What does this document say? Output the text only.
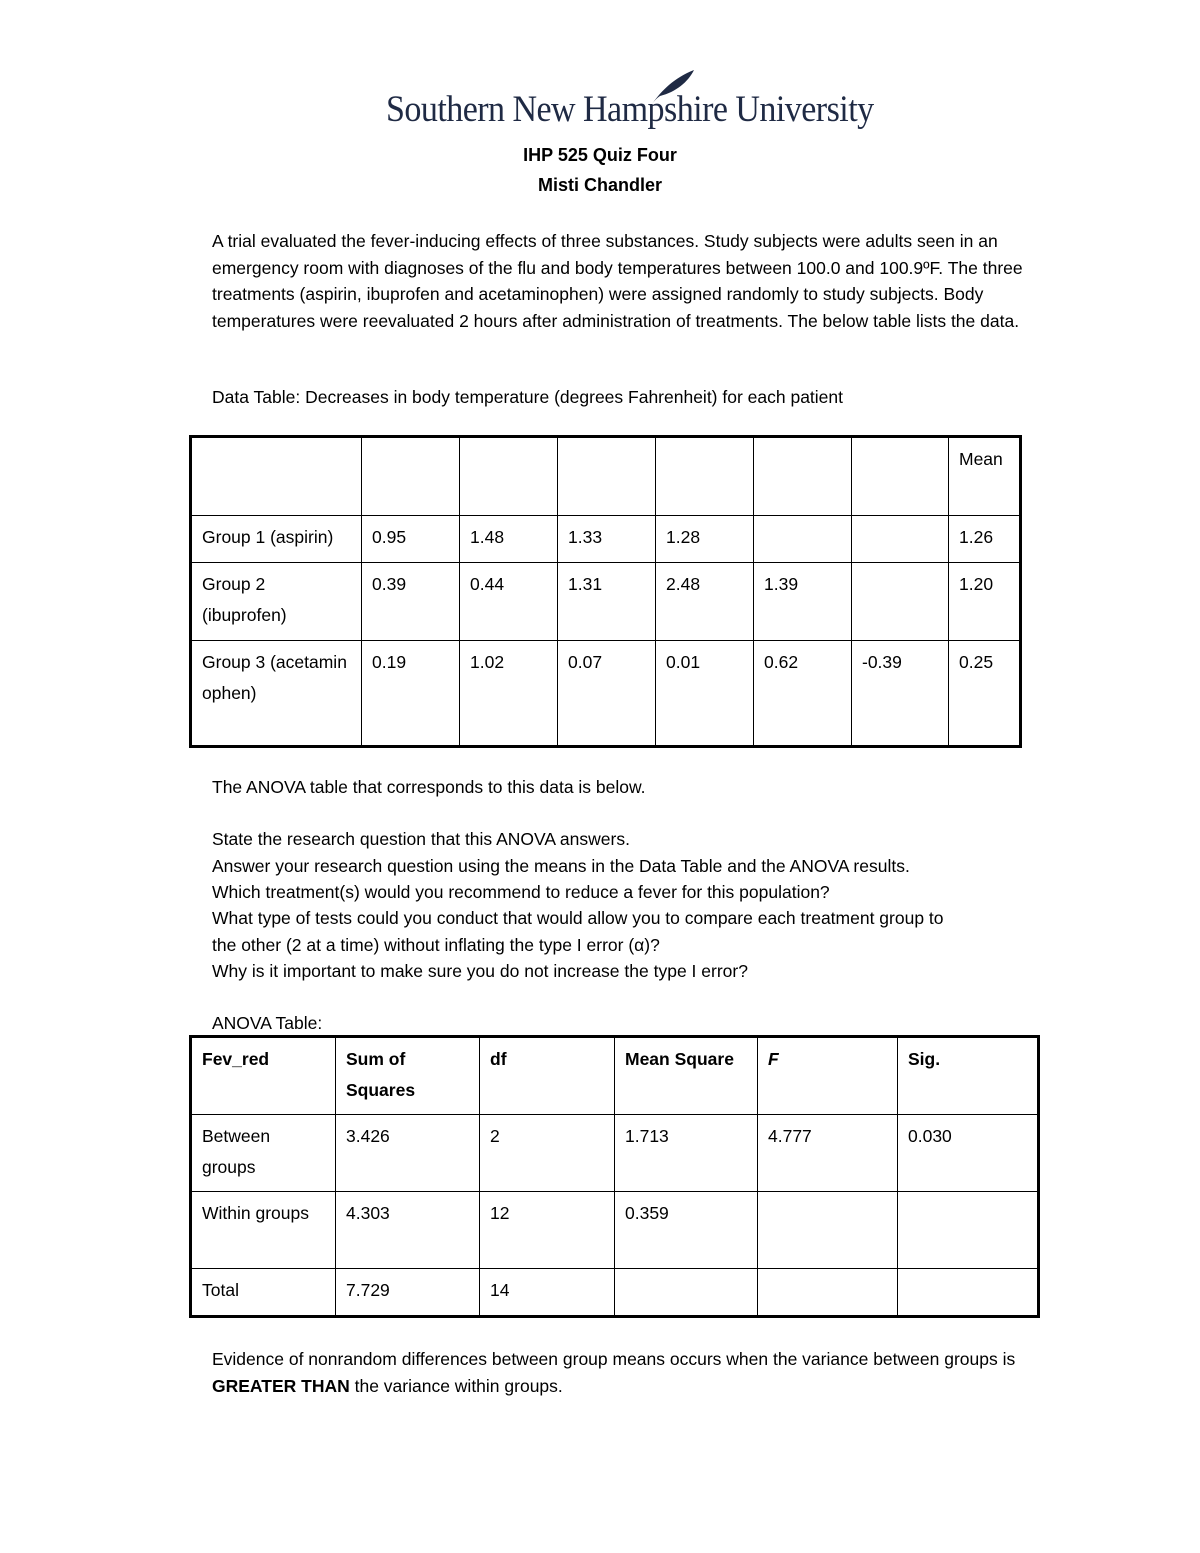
Southern New Hampshire University
IHP 525 Quiz Four
Misti Chandler
A trial evaluated the fever-inducing effects of three substances. Study subjects were adults seen in an emergency room with diagnoses of the flu and body temperatures between 100.0 and 100.9ºF. The three treatments (aspirin, ibuprofen and acetaminophen) were assigned randomly to study subjects. Body temperatures were reevaluated 2 hours after administration of treatments. The below table lists the data.
Data Table: Decreases in body temperature (degrees Fahrenheit) for each patient
							Mean
Group 1 (aspirin)	0.95	1.48	1.33	1.28			1.26
Group 2 (ibuprofen)	0.39	0.44	1.31	2.48	1.39		1.20
Group 3 (acetaminophen)	0.19	1.02	0.07	0.01	0.62	-0.39	0.25
The ANOVA table that corresponds to this data is below.
State the research question that this ANOVA answers.
Answer your research question using the means in the Data Table and the ANOVA results.
Which treatment(s) would you recommend to reduce a fever for this population?
What type of tests could you conduct that would allow you to compare each treatment group to
the other (2 at a time) without inflating the type I error (α)?
Why is it important to make sure you do not increase the type I error?
ANOVA Table:
Fev_red	Sum of Squares	df	Mean Square	F	Sig.
Between groups	3.426	2	1.713	4.777	0.030
Within groups	4.303	12	0.359		
Total	7.729	14			
Evidence of nonrandom differences between group means occurs when the variance between groups is GREATER THAN the variance within groups.
